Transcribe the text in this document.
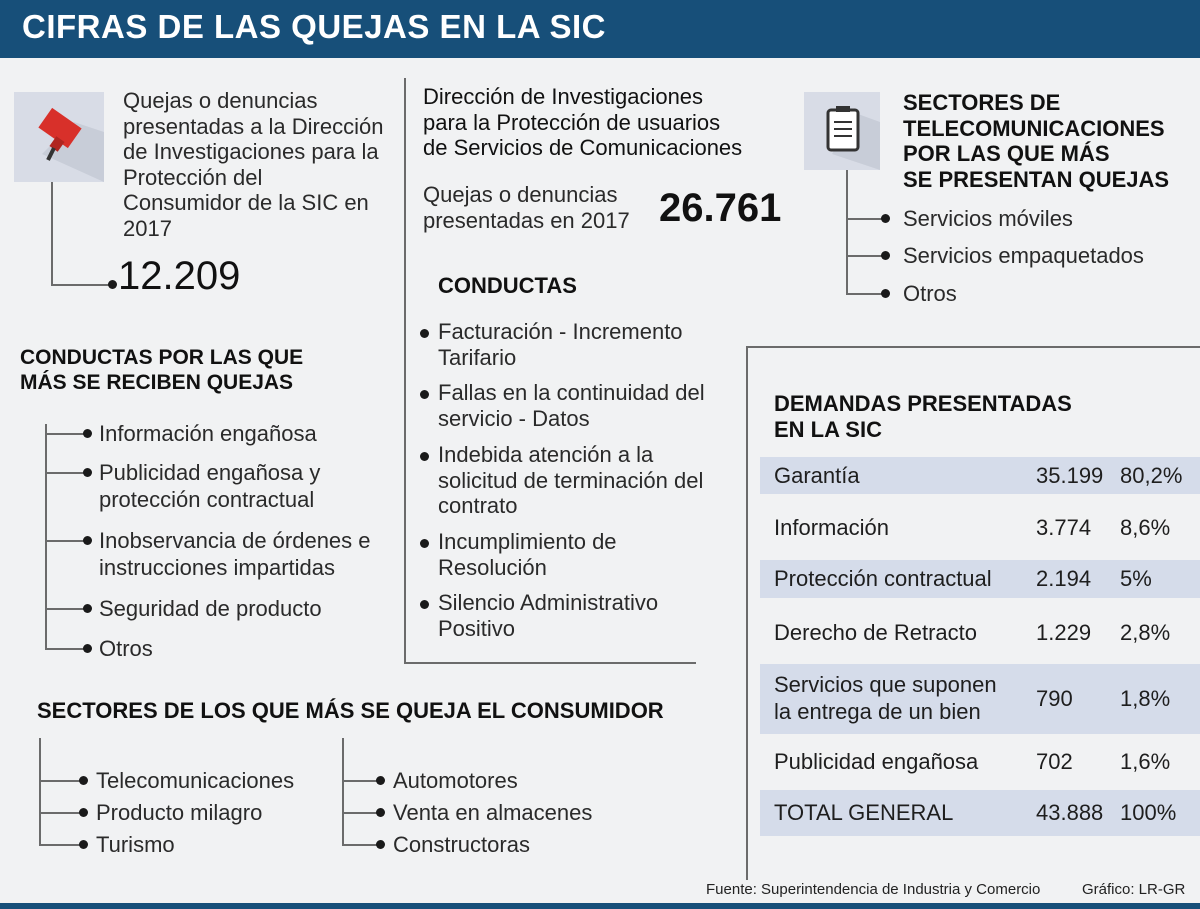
CIFRAS DE LAS QUEJAS EN LA SIC
Quejas o denuncias
presentadas a la Dirección
de Investigaciones para la
Protección del
Consumidor de la SIC en
2017
12.209
CONDUCTAS POR LAS QUE
MÁS SE RECIBEN QUEJAS
Información engañosa
Publicidad engañosa y
protección contractual
Inobservancia de órdenes e
instrucciones impartidas
Seguridad de producto
Otros
SECTORES DE LOS QUE MÁS SE QUEJA EL CONSUMIDOR
Telecomunicaciones
Producto milagro
Turismo
Automotores
Venta en almacenes
Constructoras
Dirección de Investigaciones
para la Protección de usuarios
de Servicios de Comunicaciones
Quejas o denuncias
presentadas en 2017 26.761
CONDUCTAS
Facturación - Incremento
Tarifario
Fallas en la continuidad del
servicio - Datos
Indebida atención a la
solicitud de terminación del
contrato
Incumplimiento de
Resolución
Silencio Administrativo
Positivo
SECTORES DE
TELECOMUNICACIONES
POR LAS QUE MÁS
SE PRESENTAN QUEJAS
Servicios móviles
Servicios empaquetados
Otros
DEMANDAS PRESENTADAS
EN LA SIC
Garantía	35.199 80,2%
Información	3.774 8,6%
Protección contractual 2.194 5%
Derecho de Retracto	1.229 2,8%
Servicios que suponen
la entrega de un bien
790 1,8%
Publicidad engañosa	702 1,6%
TOTAL GENERAL	43.888 100%
Fuente: Superintendencia de Industria y Comercio	Gráfico: LR-GR
